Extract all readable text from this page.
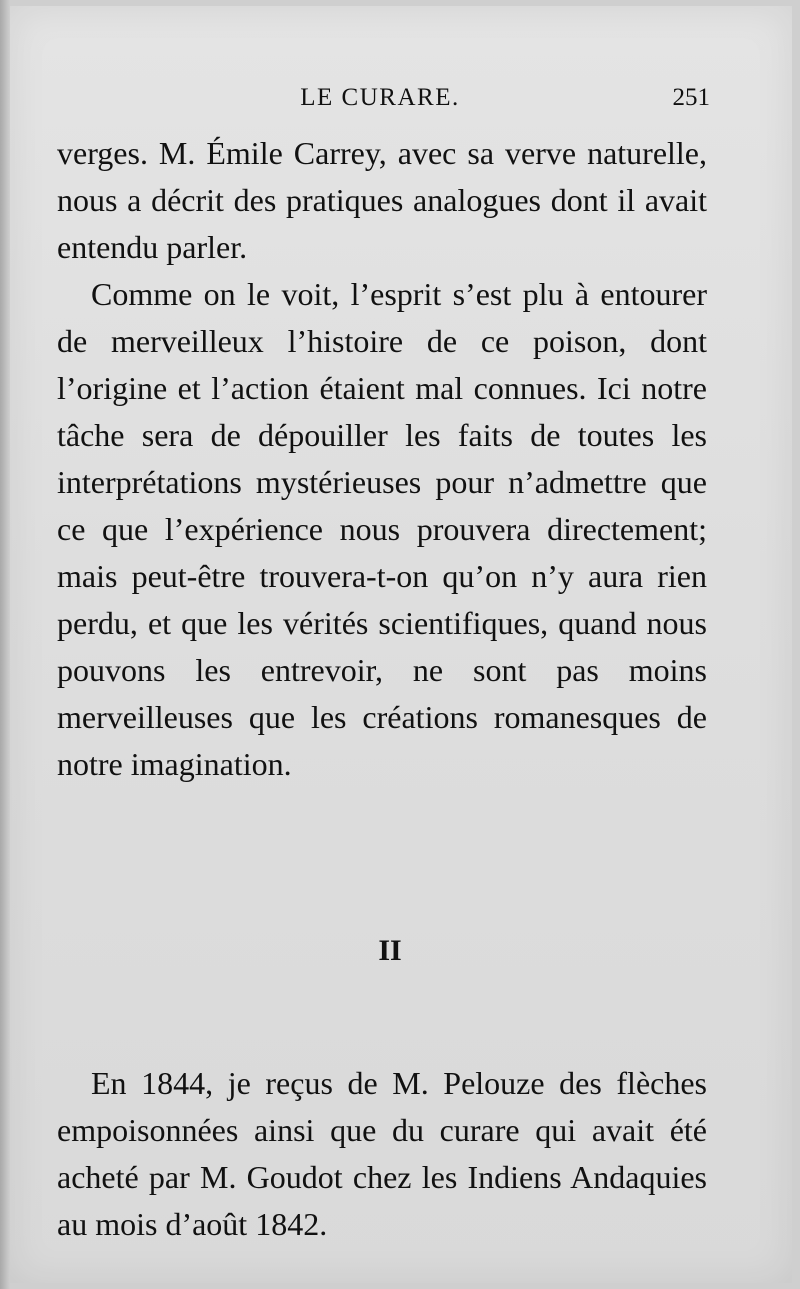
LE CURARE.	251

verges. M. Émile Carrey, avec sa verve naturelle, nous a décrit des pratiques analogues dont il avait entendu parler.

Comme on le voit, l’esprit s’est plu à entourer de merveilleux l’histoire de ce poison, dont l’origine et l’action étaient mal connues. Ici notre tâche sera de dépouiller les faits de toutes les interprétations mystérieuses pour n’admettre que ce que l’expérience nous prouvera directement; mais peut-être trouvera-t-on qu’on n’y aura rien perdu, et que les vérités scientifiques, quand nous pouvons les entrevoir, ne sont pas moins merveilleuses que les créations romanesques de notre imagination.

II

En 1844, je reçus de M. Pelouze des flèches empoisonnées ainsi que du curare qui avait été acheté par M. Goudot chez les Indiens Andaquies au mois d’août 1842.
